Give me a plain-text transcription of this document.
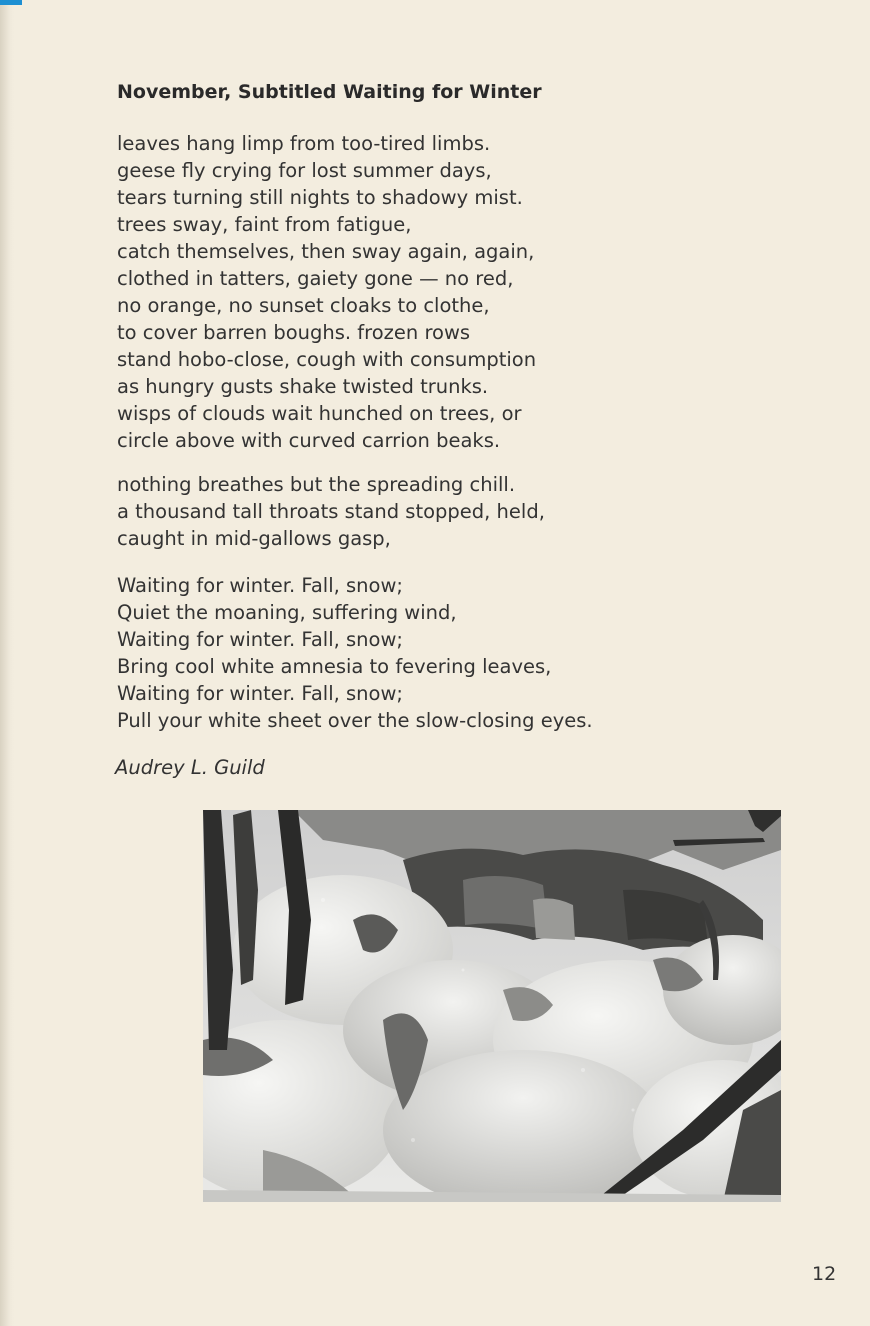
November, Subtitled Waiting for Winter
leaves hang limp from too-tired limbs.
geese fly crying for lost summer days,
tears turning still nights to shadowy mist.
trees sway, faint from fatigue,
catch themselves, then sway again, again,
clothed in tatters, gaiety gone — no red,
no orange, no sunset cloaks to clothe,
to cover barren boughs. frozen rows
stand hobo-close, cough with consumption
as hungry gusts shake twisted trunks.
wisps of clouds wait hunched on trees, or
circle above with curved carrion beaks.
nothing breathes but the spreading chill.
a thousand tall throats stand stopped, held,
caught in mid-gallows gasp,
Waiting for winter. Fall, snow;
Quiet the moaning, suffering wind,
Waiting for winter. Fall, snow;
Bring cool white amnesia to fevering leaves,
Waiting for winter. Fall, snow;
Pull your white sheet over the slow-closing eyes.
Audrey L. Guild
12
